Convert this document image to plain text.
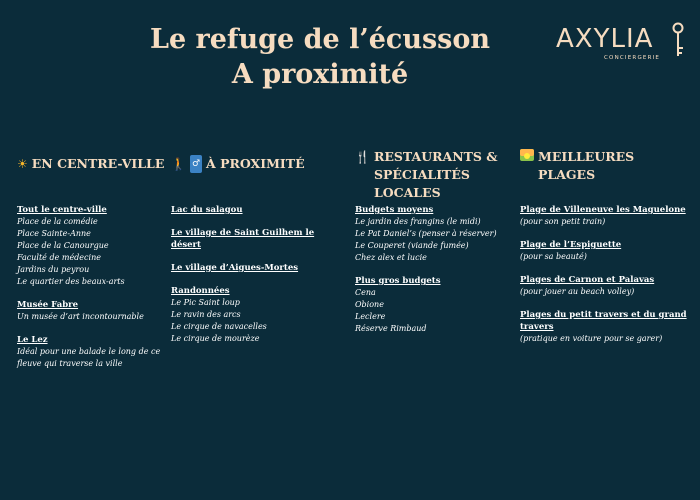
Le refuge de l’écusson
A proximité
AXYLIA
CONCIERGERIE
☀ EN CENTRE-VILLE
Tout le centre-ville
Place de la comédie
Place Sainte-Anne
Place de la Canourgue
Faculté de médecine
Jardins du peyrou
Le quartier des beaux-arts
Musée Fabre
Un musée d’art incontournable
Le Lez
Idéal pour une balade le long de ce
fleuve qui traverse la ville
🚶 ♂ À PROXIMITÉ
Lac du salagou
Le village de Saint Guilhem le désert
Le village d’Aigues-Mortes
Randonnées
Le Pic Saint loup
Le ravin des arcs
Le cirque de navacelles
Le cirque de mourèze
🍴 RESTAURANTS & SPÉCIALITÉS LOCALES
Budgets moyens
Le jardin des frangins (le midi)
Le Pat Daniel’s (penser à réserver)
Le Couperet (viande fumée)
Chez alex et lucie
Plus gros budgets
Cena
Obione
Leclere
Réserve Rimbaud
MEILLEURES PLAGES
Plage de Villeneuve les Maguelone
(pour son petit train)
Plage de l’Espiguette
(pour sa beauté)
Plages de Carnon et Palavas
(pour jouer au beach volley)
Plages du petit travers et du grand travers
(pratique en voiture pour se garer)
